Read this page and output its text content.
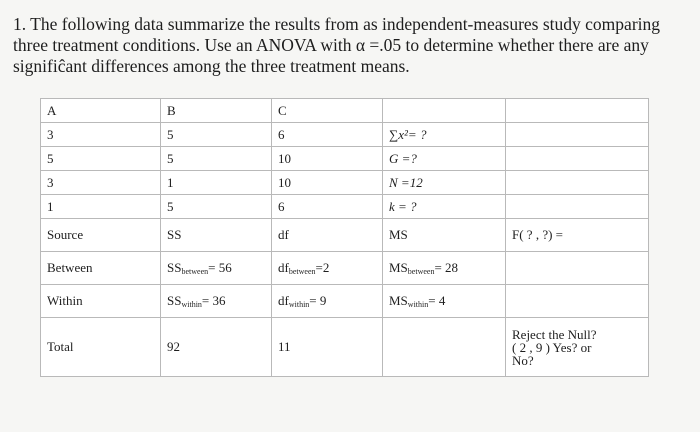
1. The following data summarize the results from as independent-measures study comparing three treatment conditions. Use an ANOVA with α =.05 to determine whether there are any signifiĉant differences among the three treatment means.
A	B	C		
3	5	6	∑x²= ?	
5	5	10	G =?	
3	1	10	N =12	
1	5	6	k = ?	
Source	SS	df	MS	F( ? , ?) =
Between	SSbetween= 56	dfbetween=2	MSbetween= 28	
Within	SSwithin= 36	dfwithin= 9	MSwithin= 4	
Total	92	11		Reject the Null?
( 2 , 9 ) Yes? or
No?
